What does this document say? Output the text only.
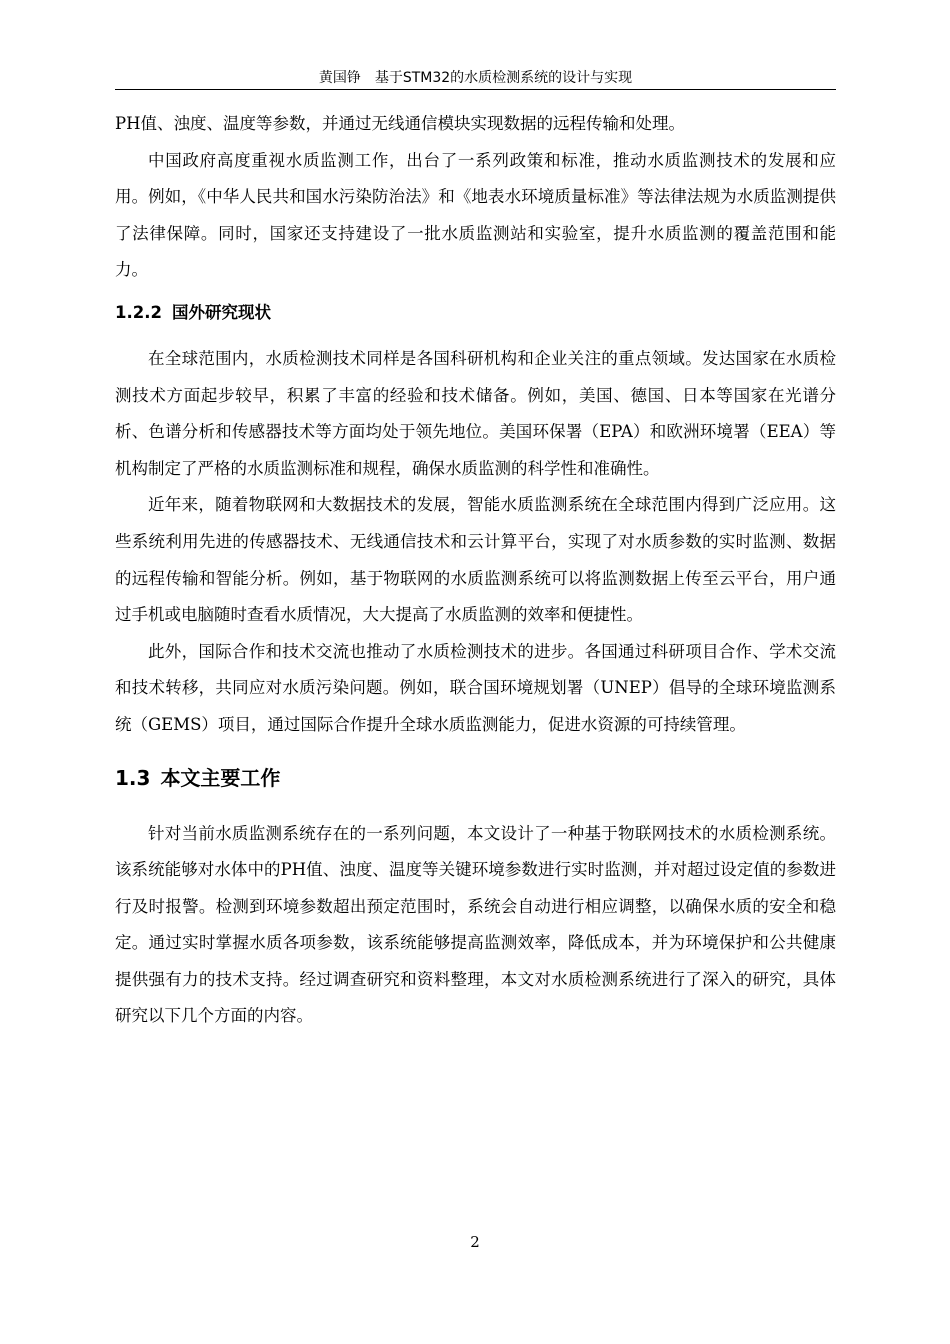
黄国铮　基于STM32的水质检测系统的设计与实现

PH值、浊度、温度等参数，并通过无线通信模块实现数据的远程传输和处理。

中国政府高度重视水质监测工作，出台了一系列政策和标准，推动水质监测技术的发展和应用。例如，《中华人民共和国水污染防治法》和《地表水环境质量标准》等法律法规为水质监测提供了法律保障。同时，国家还支持建设了一批水质监测站和实验室，提升水质监测的覆盖范围和能力。

1.2.2 国外研究现状

在全球范围内，水质检测技术同样是各国科研机构和企业关注的重点领域。发达国家在水质检测技术方面起步较早，积累了丰富的经验和技术储备。例如，美国、德国、日本等国家在光谱分析、色谱分析和传感器技术等方面均处于领先地位。美国环保署（EPA）和欧洲环境署（EEA）等机构制定了严格的水质监测标准和规程，确保水质监测的科学性和准确性。

近年来，随着物联网和大数据技术的发展，智能水质监测系统在全球范围内得到广泛应用。这些系统利用先进的传感器技术、无线通信技术和云计算平台，实现了对水质参数的实时监测、数据的远程传输和智能分析。例如，基于物联网的水质监测系统可以将监测数据上传至云平台，用户通过手机或电脑随时查看水质情况，大大提高了水质监测的效率和便捷性。

此外，国际合作和技术交流也推动了水质检测技术的进步。各国通过科研项目合作、学术交流和技术转移，共同应对水质污染问题。例如，联合国环境规划署（UNEP）倡导的全球环境监测系统（GEMS）项目，通过国际合作提升全球水质监测能力，促进水资源的可持续管理。

1.3 本文主要工作

针对当前水质监测系统存在的一系列问题，本文设计了一种基于物联网技术的水质检测系统。该系统能够对水体中的PH值、浊度、温度等关键环境参数进行实时监测，并对超过设定值的参数进行及时报警。检测到环境参数超出预定范围时，系统会自动进行相应调整，以确保水质的安全和稳定。通过实时掌握水质各项参数，该系统能够提高监测效率，降低成本，并为环境保护和公共健康提供强有力的技术支持。经过调查研究和资料整理，本文对水质检测系统进行了深入的研究，具体研究以下几个方面的内容。

2
